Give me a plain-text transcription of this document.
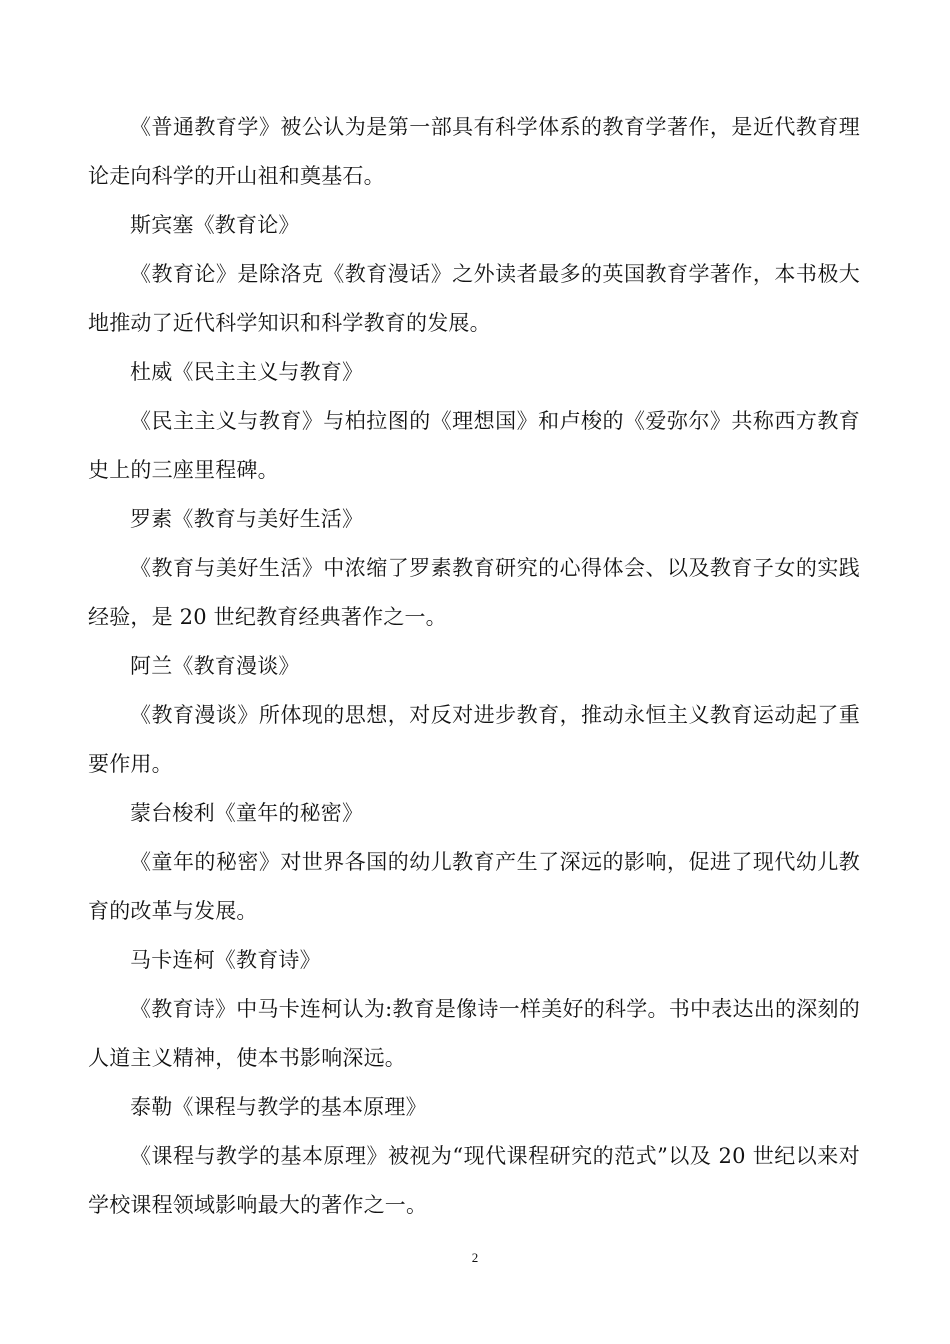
《普通教育学》被公认为是第一部具有科学体系的教育学著作，是近代教育理论走向科学的开山祖和奠基石。

斯宾塞《教育论》

《教育论》是除洛克《教育漫话》之外读者最多的英国教育学著作，本书极大地推动了近代科学知识和科学教育的发展。

杜威《民主主义与教育》

《民主主义与教育》与柏拉图的《理想国》和卢梭的《爱弥尔》共称西方教育史上的三座里程碑。

罗素《教育与美好生活》

《教育与美好生活》中浓缩了罗素教育研究的心得体会、以及教育子女的实践经验，是 20 世纪教育经典著作之一。

阿兰《教育漫谈》

《教育漫谈》所体现的思想，对反对进步教育，推动永恒主义教育运动起了重要作用。

蒙台梭利《童年的秘密》

《童年的秘密》对世界各国的幼儿教育产生了深远的影响，促进了现代幼儿教育的改革与发展。

马卡连柯《教育诗》

《教育诗》中马卡连柯认为:教育是像诗一样美好的科学。书中表达出的深刻的人道主义精神，使本书影响深远。

泰勒《课程与教学的基本原理》

《课程与教学的基本原理》被视为“现代课程研究的范式”以及 20 世纪以来对学校课程领域影响最大的著作之一。

2
